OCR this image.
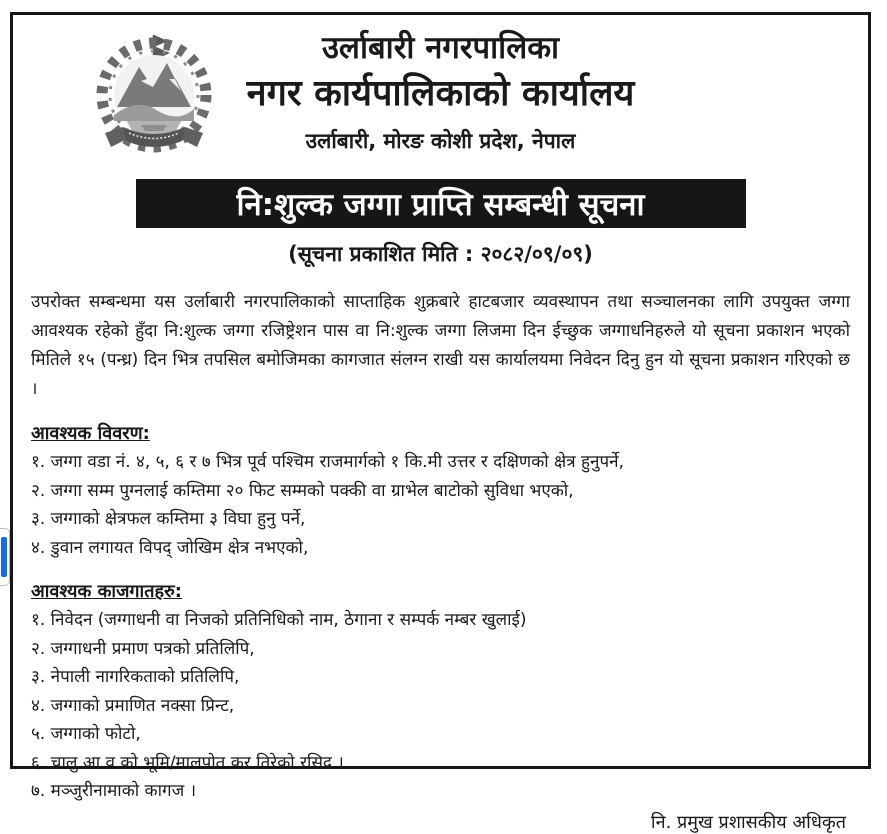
उर्लाबारी नगरपालिका
नगर कार्यपालिकाको कार्यालय
उर्लाबारी, मोरङ कोशी प्रदेश, नेपाल
नि:शुल्क जग्गा प्राप्ति सम्बन्धी सूचना
(सूचना प्रकाशित मिति : २०८२/०९/०९)
उपरोक्त सम्बन्धमा यस उर्लाबारी नगरपालिकाको साप्ताहिक शुक्रबारे हाटबजार व्यवस्थापन तथा सञ्चालनका लागि उपयुक्त जग्गा आवश्यक रहेको हुँदा नि:शुल्क जग्गा रजिष्ट्रेशन पास वा नि:शुल्क जग्गा लिजमा दिन ईच्छुक जग्गाधनिहरुले यो सूचना प्रकाशन भएको मितिले १५ (पन्ध्र) दिन भित्र तपसिल बमोजिमका कागजात संलग्न राखी यस कार्यालयमा निवेदन दिनु हुन यो सूचना प्रकाशन गरिएको छ ।
आवश्यक विवरण:
१. जग्गा वडा नं. ४, ५, ६ र ७ भित्र पूर्व पश्चिम राजमार्गको १ कि.मी उत्तर र दक्षिणको क्षेत्र हुनुपर्ने,
२. जग्गा सम्म पुग्नलाई कम्तिमा २० फिट सम्मको पक्की वा ग्राभेल बाटोको सुविधा भएको,
३. जग्गाको क्षेत्रफल कम्तिमा ३ विघा हुनु पर्ने,
४. डुवान लगायत विपद् जोखिम क्षेत्र नभएको,
आवश्यक काजगातहरु:
१. निवेदन (जग्गाधनी वा निजको प्रतिनिधिको नाम, ठेगाना र सम्पर्क नम्बर खुलाई)
२. जग्गाधनी प्रमाण पत्रको प्रतिलिपि,
३. नेपाली नागरिकताको प्रतिलिपि,
४. जग्गाको प्रमाणित नक्सा प्रिन्ट,
५. जग्गाको फोटो,
६. चालु आ.व को भूमि/मालपोत कर तिरेको रसिद ।
७. मञ्जुरीनामाको कागज ।
नि. प्रमुख प्रशासकीय अधिकृत
